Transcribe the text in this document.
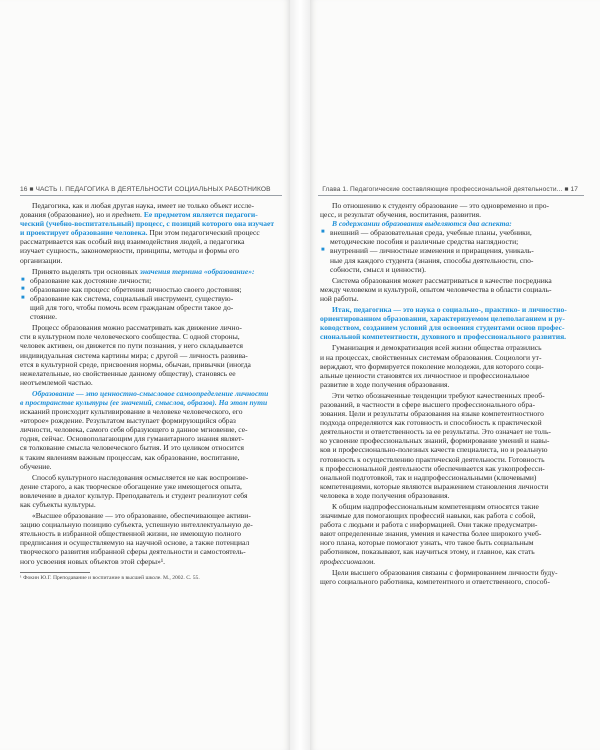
16 ■ ЧАСТЬ I. ПЕДАГОГИКА В ДЕЯТЕЛЬНОСТИ СОЦИАЛЬНЫХ РАБОТНИКОВ
Педагогика, как и любая другая наука, имеет не только объект иссле-
дования (образование), но и предмет. Ее предметом является педагоги-
ческий (учебно-воспитательный) процесс, с позиций которого она изучает
и проектирует образование человека. При этом педагогический процесс
рассматривается как особый вид взаимодействия людей, а педагогика
изучает сущность, закономерности, принципы, методы и формы его
организации.
Принято выделять три основных значения термина «образование»:
■ образование как достояние личности;
■ образование как процесс обретения личностью своего достояния;
■ образование как система, социальный инструмент, существую-
щий для того, чтобы помочь всем гражданам обрести такое до-
стояние.
Процесс образования можно рассматривать как движение лично-
сти в культурном поле человеческого сообщества. С одной стороны,
человек активен, он движется по пути познания, у него складывается
индивидуальная система картины мира; с другой — личность развива-
ется в культурной среде, присвоения нормы, обычаи, привычки (иногда
нежелательные, но свойственные данному обществу), становясь ее
неотъемлемой частью.
Образование — это ценностно-смысловое самоопределение личности
в пространстве культуры (ее значений, смыслов, образов). На этом пути
искааний происходит культивирование в человеке человеческого, его
«второе» рождение. Результатом выступает формирующийся образ
личности, человека, самого себя образующего в данное мгновение, се-
годня, сейчас. Основополагающим для гуманитарного знания являет-
ся толкование смысла человеческого бытия. И это целиком относится
к таким явлениям важным процессам, как образование, воспитание,
обучение.
Способ культурного наследования осмысляется не как воспроизве-
дение старого, а как творческое обогащение уже имеющегося опыта,
вовлечение в диалог культур. Преподаватель и студент реализуют себя
как субъекты культуры.
«Высшее образование — это образование, обеспечивающее активи-
зацию социальную позицию субъекта, успешную интеллектуальную де-
ятельность в избранной общественной жизни, не имеющую полного
предписания и осуществляемую на научной основе, а также потенциал
творческого развития избранной сферы деятельности и самостоятель-
ного усвоения новых объектов этой сферы»¹.
¹ Фокин Ю.Г. Преподавание и воспитание в высшей школе. М., 2002. С. 55.
Глава 1. Педагогические составляющие профессиональной деятельности... ■ 17
По отношению к студенту образование — это одновременно и про-
цесс, и результат обучения, воспитания, развития.
В содержании образования выделяются два аспекта:
■ внешний — образовательная среда, учебные планы, учебники,
методические пособия и различные средства наглядности;
■ внутренний — личностные изменения и приращения, уникаль-
ные для каждого студента (знания, способы деятельности, спо-
собности, смысл и ценности).
Система образования может рассматриваться в качестве посредника
между человеком и культурой, опытом человечества в области социаль-
ной работы.
Итак, педагогика — это наука о социально-, практико- и личностно-
ориентированном образовании, характеризуемом целеполаганием и ру-
ководством, созданием условий для освоения студентами основ профес-
сиональной компетентности, духовного и профессионального развития.
Гуманизация и демократизация всей жизни общества отразились
и на процессах, свойственных системам образования. Социологи ут-
верждают, что формируется поколение молодежи, для которого соци-
альные ценности становятся их личностное и профессиональное
развитие в ходе получения образования.
Эти четко обозначенные тенденции требуют качественных преоб-
разований, в частности в сфере высшего профессионального обра-
зования. Цели и результаты образования на языке компетентностного
подхода определяются как готовность и способность к практической
деятельности и ответственность за ее результаты. Это означает не толь-
ко усвоение профессиональных знаний, формирование умений и навы-
ков и профессионально-полезных качеств специалиста, но и реальную
готовность к осуществлению практической деятельности. Готовность
к профессиональной деятельности обеспечивается как узкопрофесси-
ональной подготовкой, так и надпрофессиональными (ключевыми)
компетенциями, которые являются выражением становления личности
человека в ходе получения образования.
К общим надпрофессиональным компетенциям относятся такие
значимые для помогающих профессий навыки, как работа с собой,
работа с людьми и работа с информацией. Они также предусматри-
вают определенные знания, умения и качества более широкого учеб-
ного плана, которые помогают узнать, что такое быть социальным
работником, показывают, как научиться этому, и главное, как стать
профессионалом.
Цели высшего образования связаны с формированием личности буду-
щего социального работника, компетентного и ответственного, способ-
